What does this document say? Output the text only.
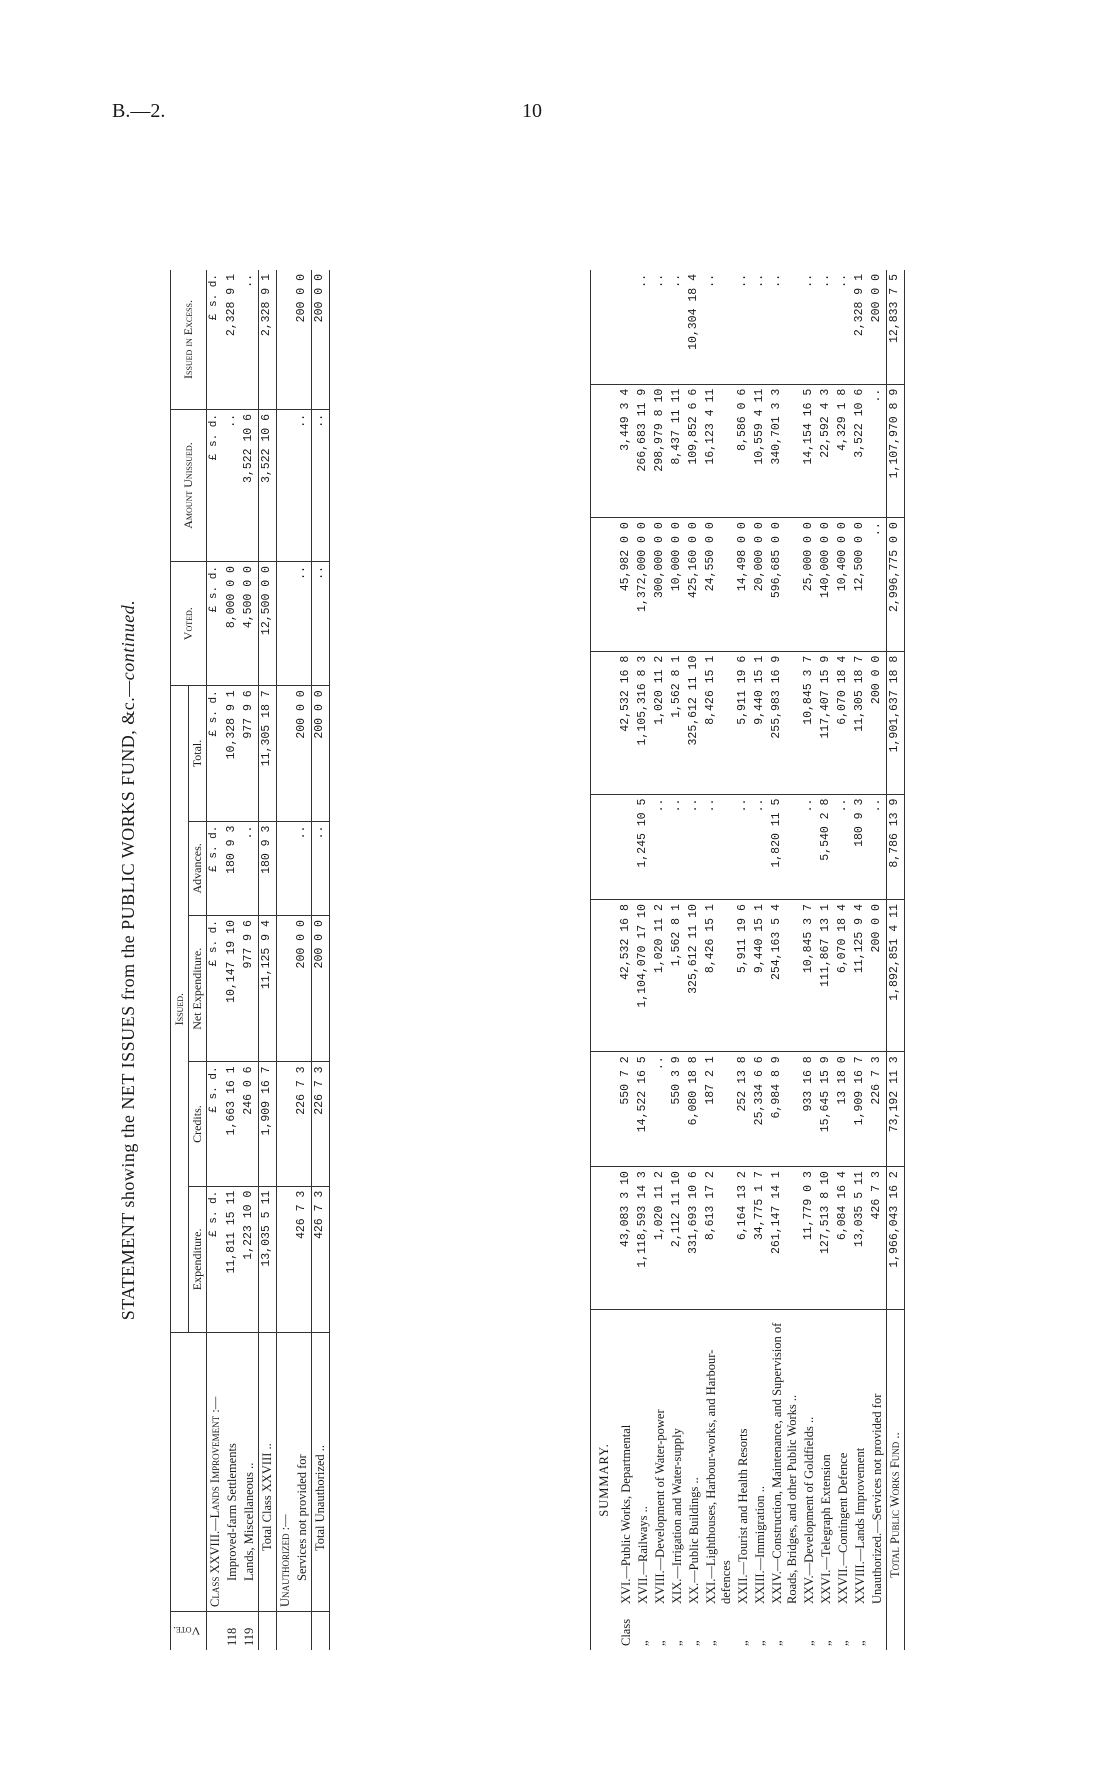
B.—2.	10
STATEMENT showing the NET ISSUES from the PUBLIC WORKS FUND, &c.—continued.
Vote.		Issued.					Voted.	Amount Unissued.	Issued in Excess.
		Expenditure.	Credits.	Net Expenditure.	Advances.	Total.			
	Class XXVIII.—Lands Improvement :—	£ s. d.	£ s. d.	£ s. d.	£ s. d.	£ s. d.	£ s. d.	£ s. d.	£ s. d.
118	Improved-farm Settlements	11,811 15 11	1,663 16 1	10,147 19 10	180 9 3	10,328 9 1	8,000 0 0	..	2,328 9 1
119	Lands, Miscellaneous ..	1,223 10 0	246 0 6	977 9 6	..	977 9 6	4,500 0 0	3,522 10 6	..
	Total Class XXVIII ..	13,035 5 11	1,909 16 7	11,125 9 4	180 9 3	11,305 18 7	12,500 0 0	3,522 10 6	2,328 9 1
	Unauthorized :—								
	Services not provided for	426 7 3	226 7 3	200 0 0	..	200 0 0	..	..	200 0 0
	Total Unauthorized ..	426 7 3	226 7 3	200 0 0	..	200 0 0	..	..	200 0 0
SUMMARY.									
Class	XVI.—Public Works, Departmental	43,083 3 10	550 7 2	42,532 16 8		42,532 16 8	45,982 0 0	3,449 3 4	
„	XVII.—Railways ..	1,118,593 14 3	14,522 16 5	1,104,070 17 10	1,245 10 5	1,105,316 8 3	1,372,000 0 0	266,683 11 9	..
„	XVIII.—Development of Water-power	1,020 11 2	..	1,020 11 2	..	1,020 11 2	300,000 0 0	298,979 8 10	..
„	XIX.—Irrigation and Water-supply	2,112 11 10	550 3 9	1,562 8 1	..	1,562 8 1	10,000 0 0	8,437 11 11	..
„	XX.—Public Buildings ..	331,693 10 6	6,080 18 8	325,612 11 10	..	325,612 11 10	425,160 0 0	109,852 6 6	10,304 18 4
„	XXI.—Lighthouses, Harbour-works, and Harbour-defences	8,613 17 2	187 2 1	8,426 15 1	..	8,426 15 1	24,550 0 0	16,123 4 11	..
„	XXII.—Tourist and Health Resorts	6,164 13 2	252 13 8	5,911 19 6	..	5,911 19 6	14,498 0 0	8,586 0 6	..
„	XXIII.—Immigration ..	34,775 1 7	25,334 6 6	9,440 15 1	..	9,440 15 1	20,000 0 0	10,559 4 11	..
„	XXIV.—Construction, Maintenance, and Supervision of Roads, Bridges, and other Public Works ..	261,147 14 1	6,984 8 9	254,163 5 4	1,820 11 5	255,983 16 9	596,685 0 0	340,701 3 3	..
„	XXV.—Development of Goldfields ..	11,779 0 3	933 16 8	10,845 3 7	..	10,845 3 7	25,000 0 0	14,154 16 5	..
„	XXVI.—Telegraph Extension	127,513 8 10	15,645 15 9	111,867 13 1	5,540 2 8	117,407 15 9	140,000 0 0	22,592 4 3	..
„	XXVII.—Contingent Defence	6,084 16 4	13 18 0	6,070 18 4	..	6,070 18 4	10,400 0 0	4,329 1 8	..
„	XXVIII.—Lands Improvement	13,035 5 11	1,909 16 7	11,125 9 4	180 9 3	11,305 18 7	12,500 0 0	3,522 10 6	2,328 9 1
	Unauthorized.—Services not provided for	426 7 3	226 7 3	200 0 0	..	200 0 0	..	..	200 0 0
	Total Public Works Fund ..	1,966,043 16 2	73,192 11 3	1,892,851 4 11	8,786 13 9	1,901,637 18 8	2,996,775 0 0	1,107,970 8 9	12,833 7 5
